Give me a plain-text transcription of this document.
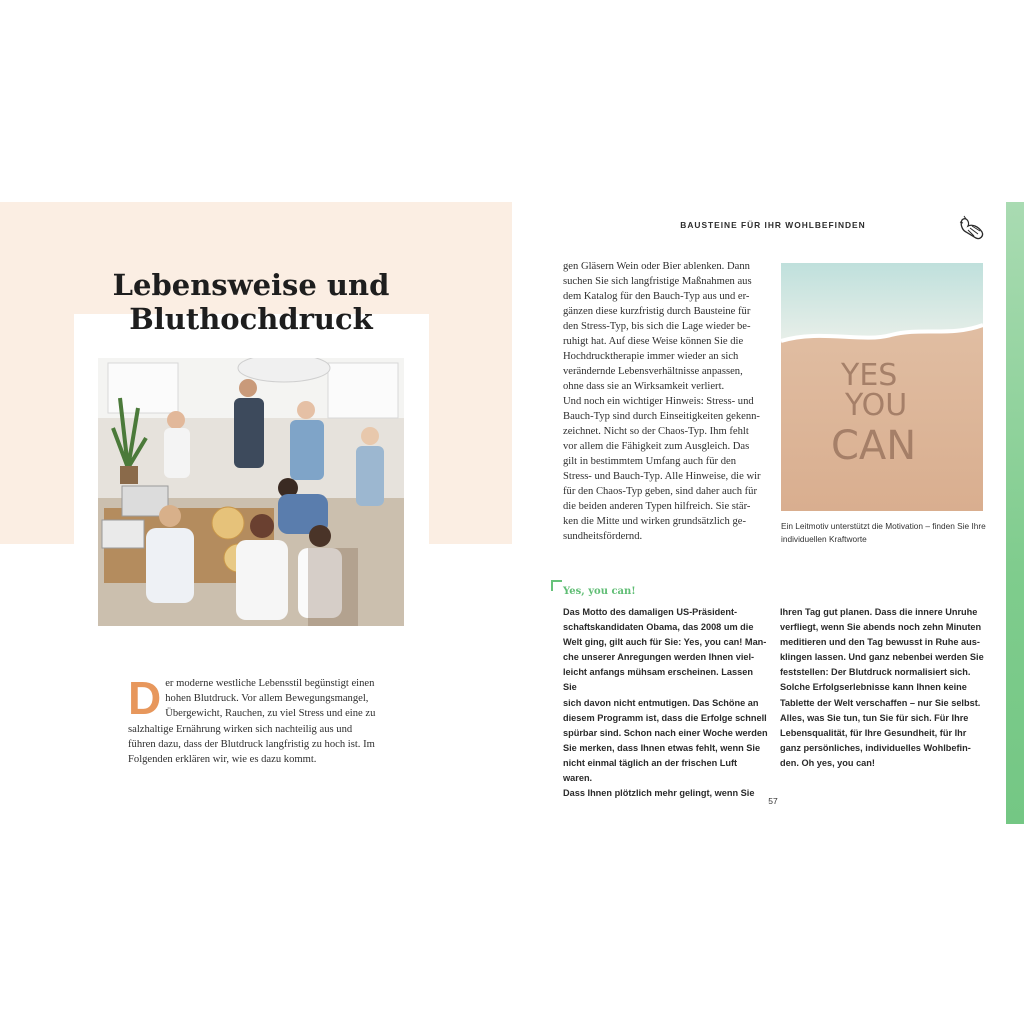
Lebensweise und
Bluthochdruck
D er moderne westliche Lebensstil begünstigt einen hohen Blutdruck. Vor allem Bewegungsmangel, Übergewicht, Rauchen, zu viel Stress und eine zu salzhaltige Ernährung wirken sich nachteilig aus und führen dazu, dass der Blutdruck langfristig zu hoch ist. Im Folgenden erklären wir, wie es dazu kommt.
BAUSTEINE FÜR IHR WOHLBEFINDEN

gen Gläsern Wein oder Bier ablenken. Dann
suchen Sie sich langfristige Maßnahmen aus
dem Katalog für den Bauch-Typ aus und er-
gänzen diese kurzfristig durch Bausteine für
den Stress-Typ, bis sich die Lage wieder be-
ruhigt hat. Auf diese Weise können Sie die
Hochdrucktherapie immer wieder an sich
verändernde Lebensverhältnisse anpassen,
ohne dass sie an Wirksamkeit verliert.
Und noch ein wichtiger Hinweis: Stress- und
Bauch-Typ sind durch Einseitigkeiten gekenn-
zeichnet. Nicht so der Chaos-Typ. Ihm fehlt
vor allem die Fähigkeit zum Ausgleich. Das
gilt in bestimmtem Umfang auch für den
Stress- und Bauch-Typ. Alle Hinweise, die wir
für den Chaos-Typ geben, sind daher auch für
die beiden anderen Typen hilfreich. Sie stär-
ken die Mitte und wirken grundsätzlich ge-
sundheitsfördernd.

YES
YOU
CAN
Ein Leitmotiv unterstützt die Motivation – finden Sie Ihre individuellen Kraftworte
Yes, you can!

Das Motto des damaligen US-Präsident-
schaftskandidaten Obama, das 2008 um die
Welt ging, gilt auch für Sie: Yes, you can! Man-
che unserer Anregungen werden Ihnen viel-
leicht anfangs mühsam erscheinen. Lassen Sie
sich davon nicht entmutigen. Das Schöne an
diesem Programm ist, dass die Erfolge schnell
spürbar sind. Schon nach einer Woche werden
Sie merken, dass Ihnen etwas fehlt, wenn Sie
nicht einmal täglich an der frischen Luft waren.
Dass Ihnen plötzlich mehr gelingt, wenn Sie

Ihren Tag gut planen. Dass die innere Unruhe
verfliegt, wenn Sie abends noch zehn Minuten
meditieren und den Tag bewusst in Ruhe aus-
klingen lassen. Und ganz nebenbei werden Sie
feststellen: Der Blutdruck normalisiert sich.
Solche Erfolgserlebnisse kann Ihnen keine
Tablette der Welt verschaffen – nur Sie selbst.
Alles, was Sie tun, tun Sie für sich. Für Ihre
Lebensqualität, für Ihre Gesundheit, für Ihr
ganz persönliches, individuelles Wohlbefin-
den. Oh yes, you can!

57
